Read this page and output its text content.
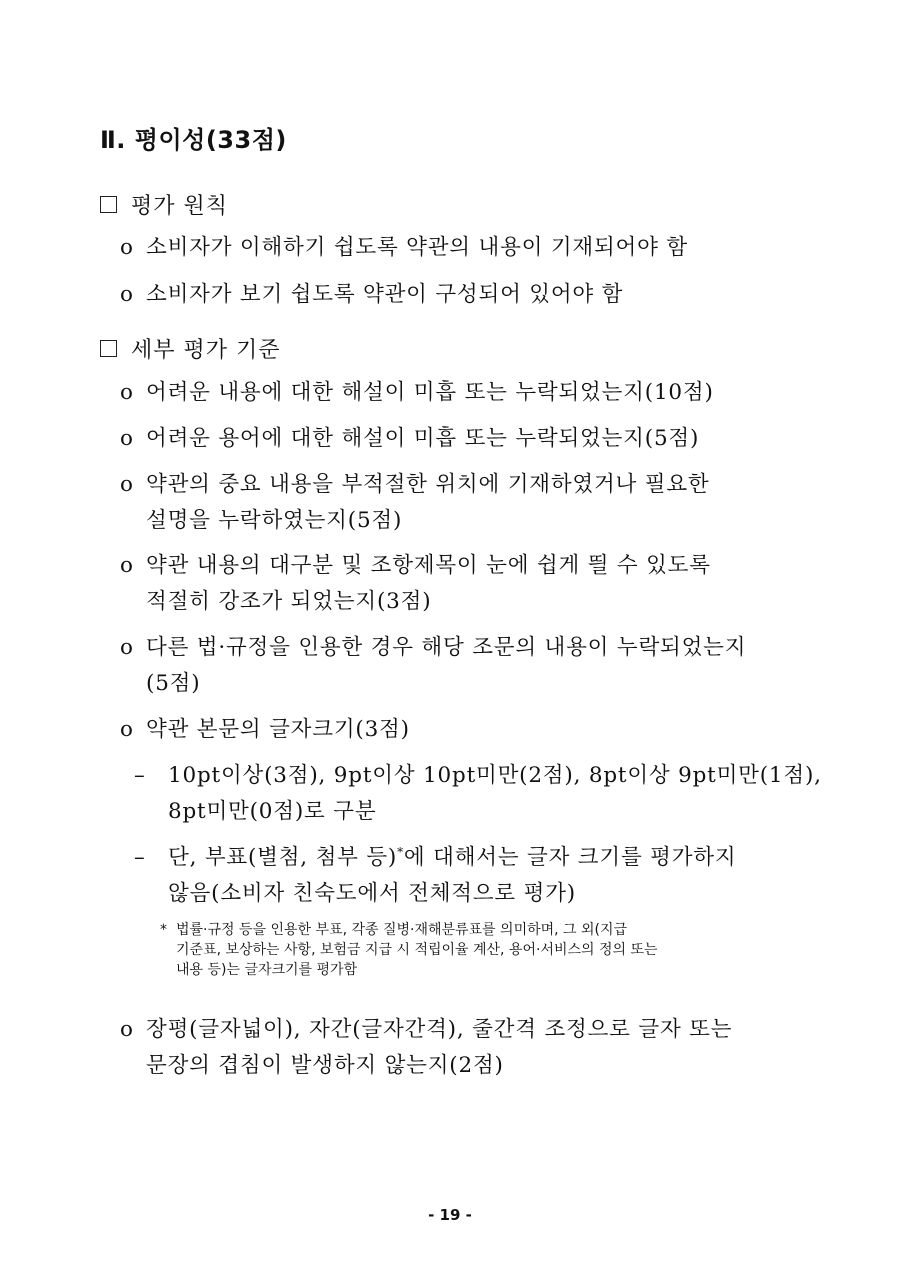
Ⅱ. 평이성(33점)
평가 원칙
o 소비자가 이해하기 쉽도록 약관의 내용이 기재되어야 함
o 소비자가 보기 쉽도록 약관이 구성되어 있어야 함
세부 평가 기준
o 어려운 내용에 대한 해설이 미흡 또는 누락되었는지(10점)
o 어려운 용어에 대한 해설이 미흡 또는 누락되었는지(5점)
o 약관의 중요 내용을 부적절한 위치에 기재하였거나 필요한
설명을 누락하였는지(5점)
o 약관 내용의 대구분 및 조항제목이 눈에 쉽게 띌 수 있도록
적절히 강조가 되었는지(3점)
o 다른 법·규정을 인용한 경우 해당 조문의 내용이 누락되었는지
(5점)
o 약관 본문의 글자크기(3점)
– 10pt이상(3점), 9pt이상 10pt미만(2점), 8pt이상 9pt미만(1점),
8pt미만(0점)로 구분
– 단, 부표(별첨, 첨부 등)*에 대해서는 글자 크기를 평가하지
않음(소비자 친숙도에서 전체적으로 평가)
* 법률·규정 등을 인용한 부표, 각종 질병·재해분류표를 의미하며, 그 외(지급
기준표, 보상하는 사항, 보험금 지급 시 적립이율 계산, 용어·서비스의 정의 또는
내용 등)는 글자크기를 평가함
o 장평(글자넓이), 자간(글자간격), 줄간격 조정으로 글자 또는
문장의 겹침이 발생하지 않는지(2점)
- 19 -
